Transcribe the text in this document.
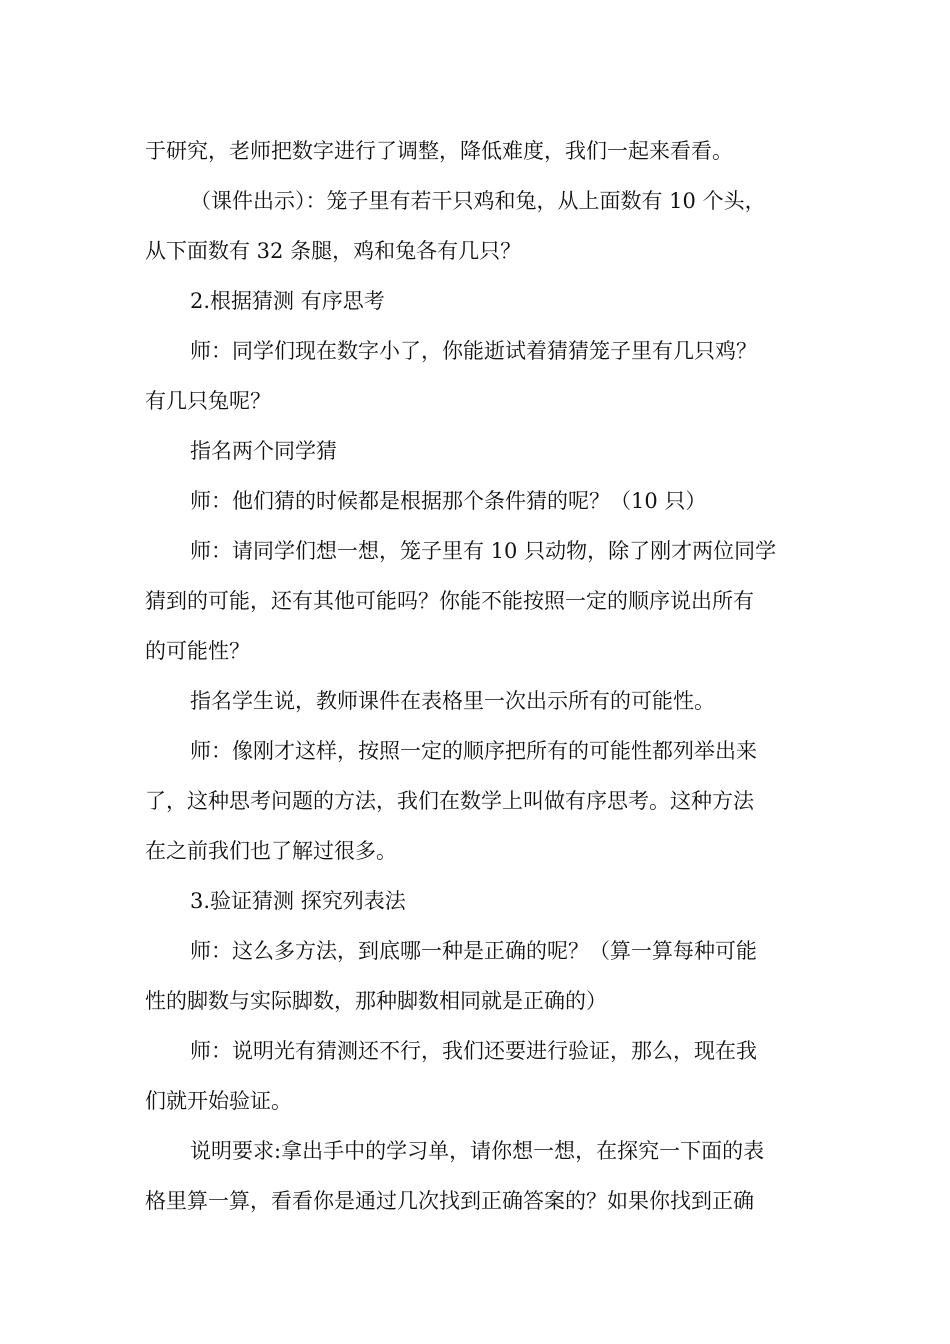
于研究，老师把数字进行了调整，降低难度，我们一起来看看。
（课件出示）：笼子里有若干只鸡和兔，从上面数有 10 个头，
从下面数有 32 条腿，鸡和兔各有几只？
2.根据猜测 有序思考
师：同学们现在数字小了，你能逝试着猜猜笼子里有几只鸡？
有几只兔呢？
指名两个同学猜
师：他们猜的时候都是根据那个条件猜的呢？（10 只）
师：请同学们想一想，笼子里有 10 只动物，除了刚才两位同学
猜到的可能，还有其他可能吗？你能不能按照一定的顺序说出所有
的可能性？
指名学生说，教师课件在表格里一次出示所有的可能性。
师：像刚才这样，按照一定的顺序把所有的可能性都列举出来
了，这种思考问题的方法，我们在数学上叫做有序思考。这种方法
在之前我们也了解过很多。
3.验证猜测 探究列表法
师：这么多方法，到底哪一种是正确的呢？（算一算每种可能
性的脚数与实际脚数，那种脚数相同就是正确的）
师：说明光有猜测还不行，我们还要进行验证，那么，现在我
们就开始验证。
说明要求:拿出手中的学习单，请你想一想，在探究一下面的表
格里算一算，看看你是通过几次找到正确答案的？如果你找到正确
